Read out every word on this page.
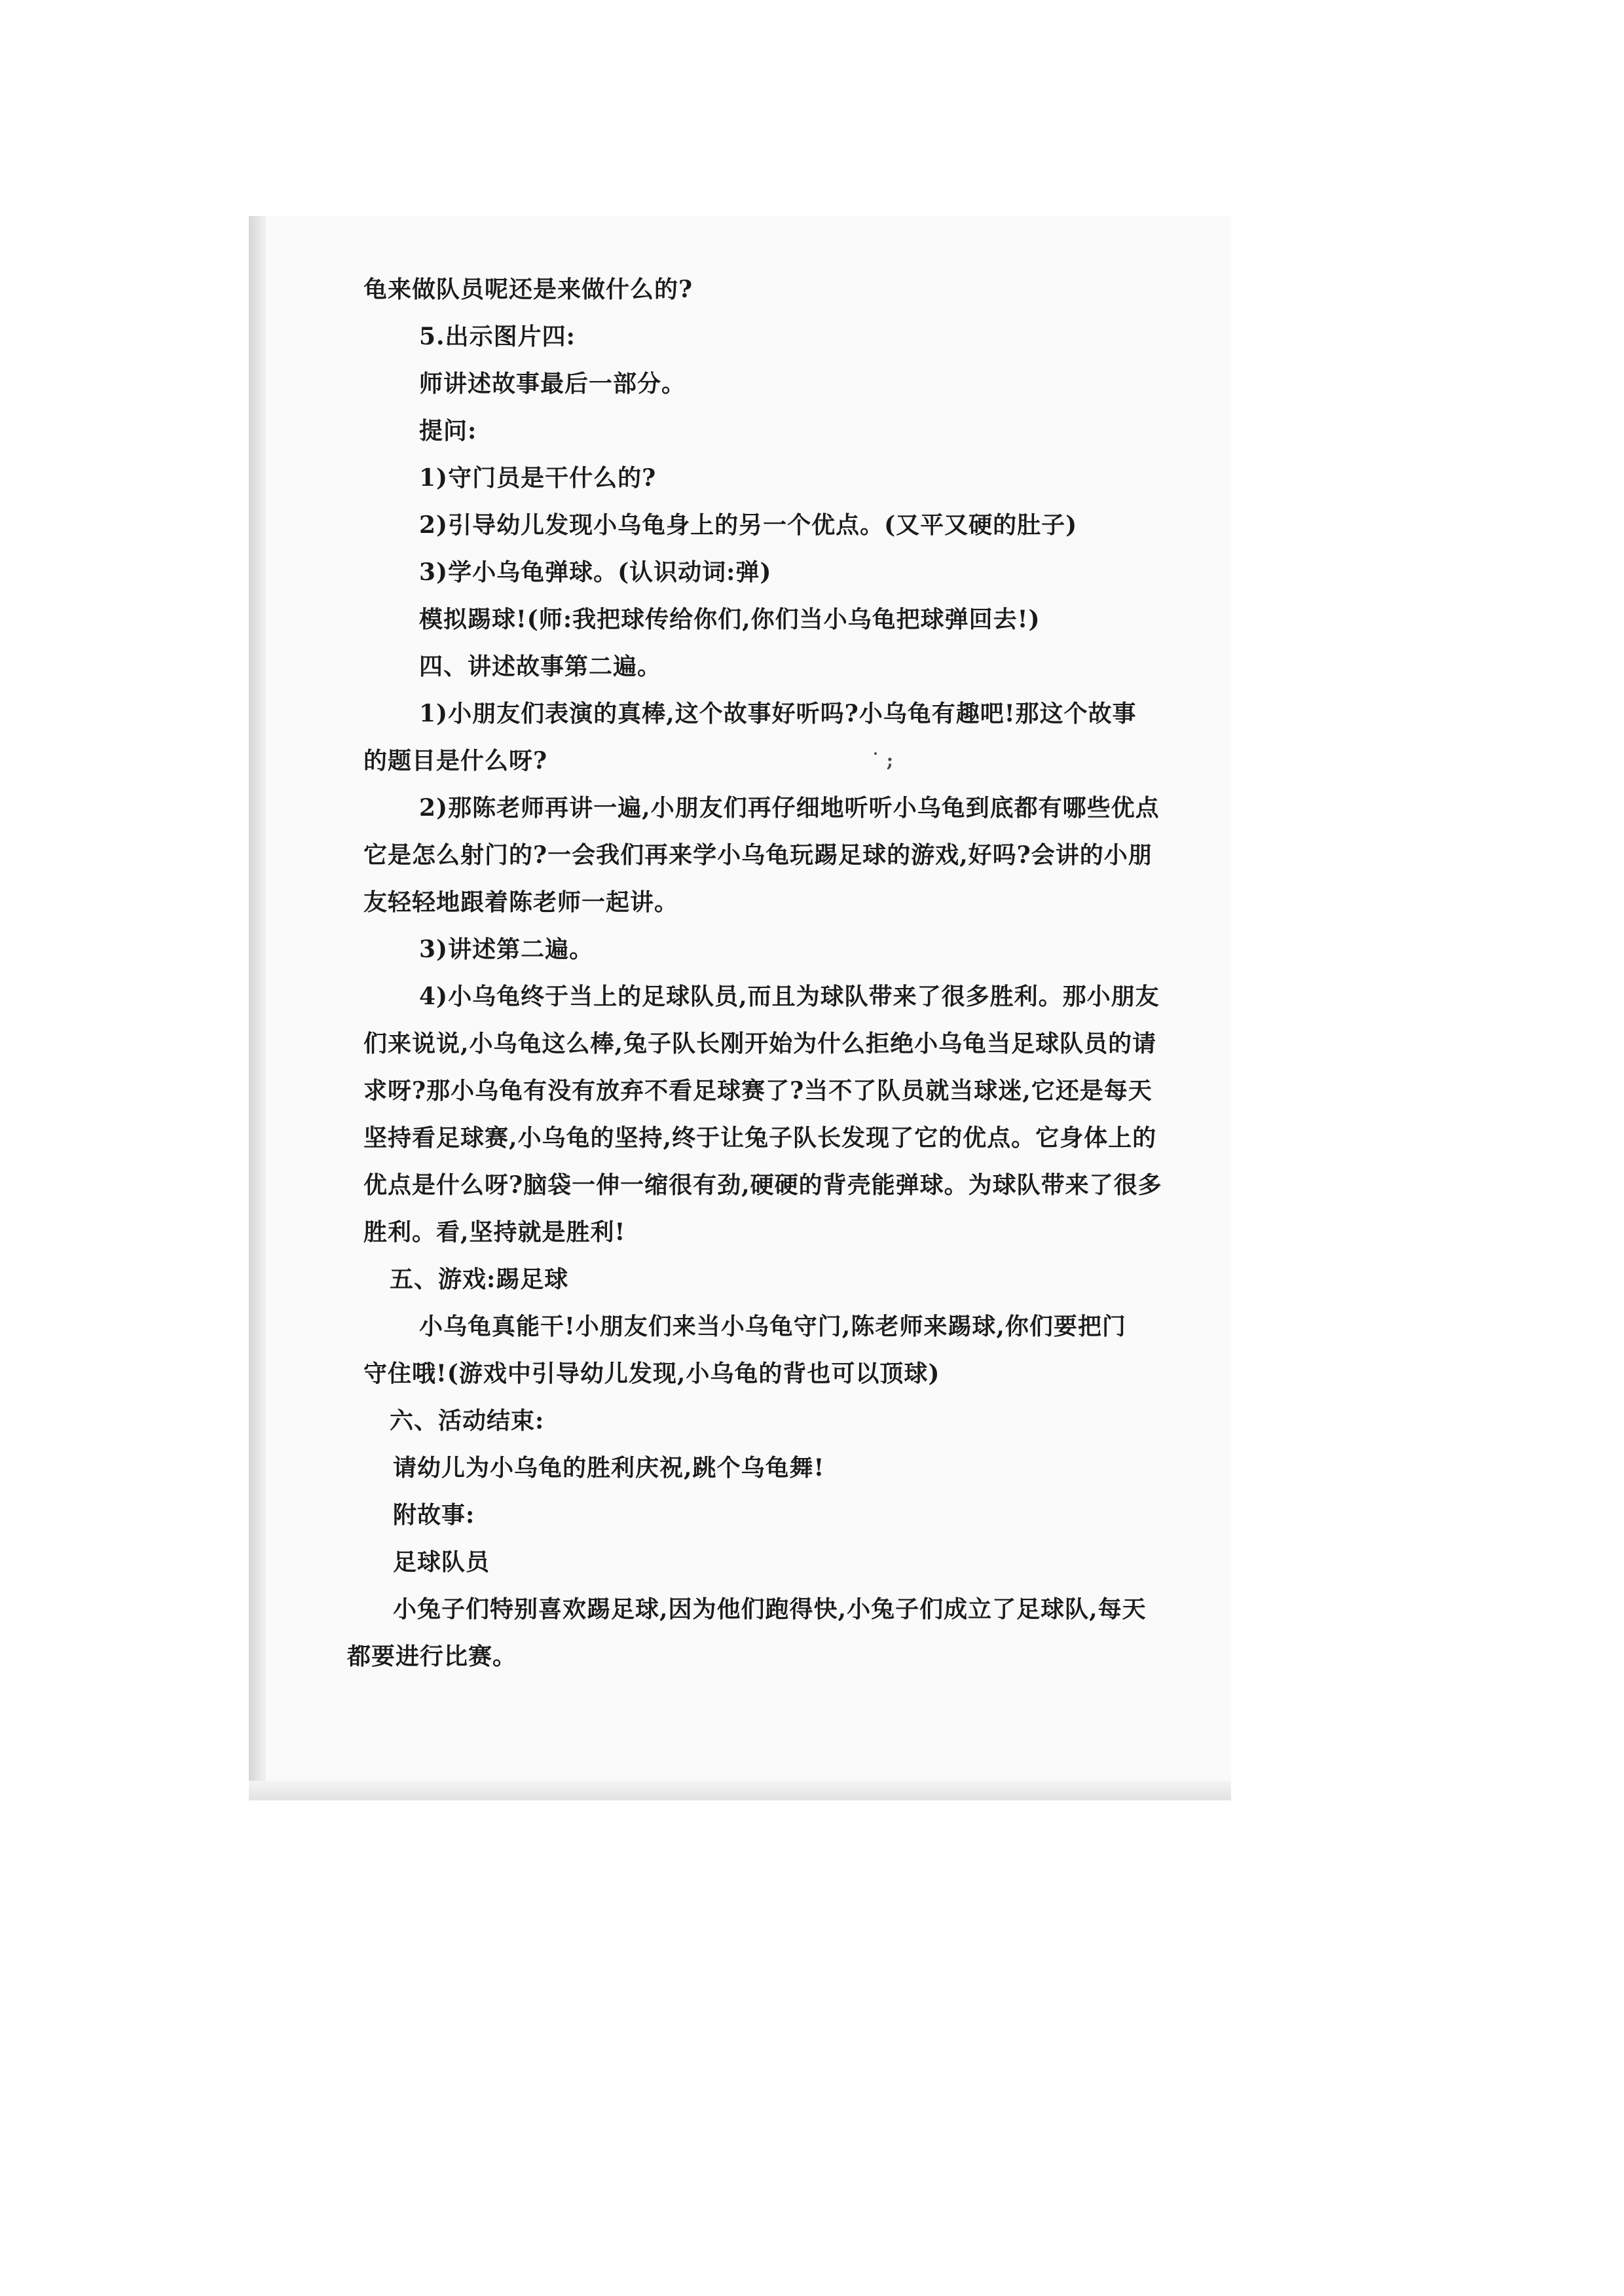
˙ ;

龟来做队员呢还是来做什么的?

5.出示图片四:

师讲述故事最后一部分。

提问:

1)守门员是干什么的?

2)引导幼儿发现小乌龟身上的另一个优点。(又平又硬的肚子)

3)学小乌龟弹球。(认识动词:弹)

模拟踢球!(师:我把球传给你们,你们当小乌龟把球弹回去!)

四、讲述故事第二遍。

1)小朋友们表演的真棒,这个故事好听吗?小乌龟有趣吧!那这个故事

的题目是什么呀?

2)那陈老师再讲一遍,小朋友们再仔细地听听小乌龟到底都有哪些优点

它是怎么射门的?一会我们再来学小乌龟玩踢足球的游戏,好吗?会讲的小朋

友轻轻地跟着陈老师一起讲。

3)讲述第二遍。

4)小乌龟终于当上的足球队员,而且为球队带来了很多胜利。那小朋友

们来说说,小乌龟这么棒,兔子队长刚开始为什么拒绝小乌龟当足球队员的请

求呀?那小乌龟有没有放弃不看足球赛了?当不了队员就当球迷,它还是每天

坚持看足球赛,小乌龟的坚持,终于让兔子队长发现了它的优点。它身体上的

优点是什么呀?脑袋一伸一缩很有劲,硬硬的背壳能弹球。为球队带来了很多

胜利。看,坚持就是胜利!

五、游戏:踢足球

小乌龟真能干!小朋友们来当小乌龟守门,陈老师来踢球,你们要把门

守住哦!(游戏中引导幼儿发现,小乌龟的背也可以顶球)

六、活动结束:

请幼儿为小乌龟的胜利庆祝,跳个乌龟舞!

附故事:

足球队员

小兔子们特别喜欢踢足球,因为他们跑得快,小兔子们成立了足球队,每天

都要进行比赛。
